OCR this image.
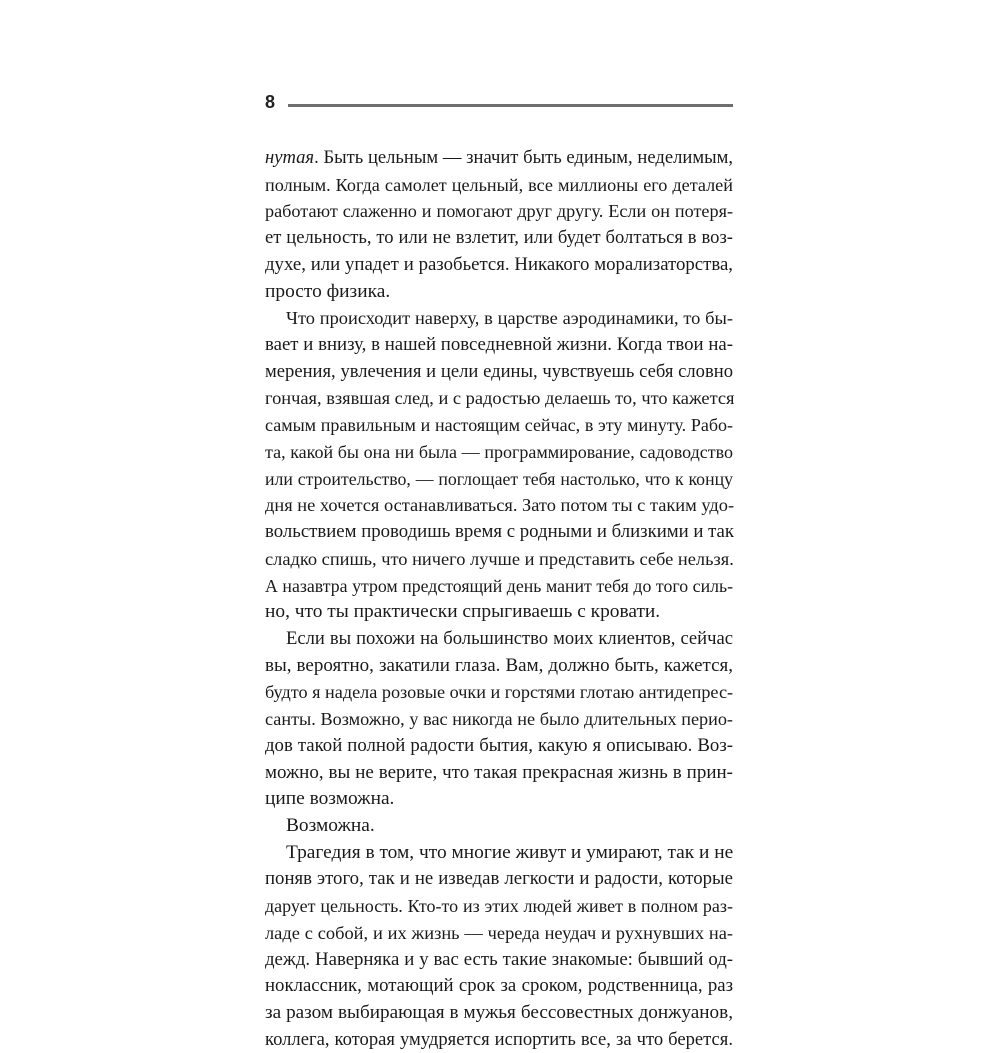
8
нутая. Быть цельным — значит быть единым, неделимым,
полным. Когда самолет цельный, все миллионы его деталей
работают слаженно и помогают друг другу. Если он потеря-
ет цельность, то или не взлетит, или будет болтаться в воз-
духе, или упадет и разобьется. Никакого морализаторства,
просто физика.
Что происходит наверху, в царстве аэродинамики, то бы-
вает и внизу, в нашей повседневной жизни. Когда твои на-
мерения, увлечения и цели едины, чувствуешь себя словно
гончая, взявшая след, и с радостью делаешь то, что кажется
самым правильным и настоящим сейчас, в эту минуту. Рабо-
та, какой бы она ни была — программирование, садоводство
или строительство, — поглощает тебя настолько, что к концу
дня не хочется останавливаться. Зато потом ты с таким удо-
вольствием проводишь время с родными и близкими и так
сладко спишь, что ничего лучше и представить себе нельзя.
А назавтра утром предстоящий день манит тебя до того силь-
но, что ты практически спрыгиваешь с кровати.
Если вы похожи на большинство моих клиентов, сейчас
вы, вероятно, закатили глаза. Вам, должно быть, кажется,
будто я надела розовые очки и горстями глотаю антидепрес-
санты. Возможно, у вас никогда не было длительных перио-
дов такой полной радости бытия, какую я описываю. Воз-
можно, вы не верите, что такая прекрасная жизнь в прин-
ципе возможна.
Возможна.
Трагедия в том, что многие живут и умирают, так и не
поняв этого, так и не изведав легкости и радости, которые
дарует цельность. Кто-то из этих людей живет в полном раз-
ладе с собой, и их жизнь — череда неудач и рухнувших на-
дежд. Наверняка и у вас есть такие знакомые: бывший од-
ноклассник, мотающий срок за сроком, родственница, раз
за разом выбирающая в мужья бессовестных донжуанов,
коллега, которая умудряется испортить все, за что берется.
